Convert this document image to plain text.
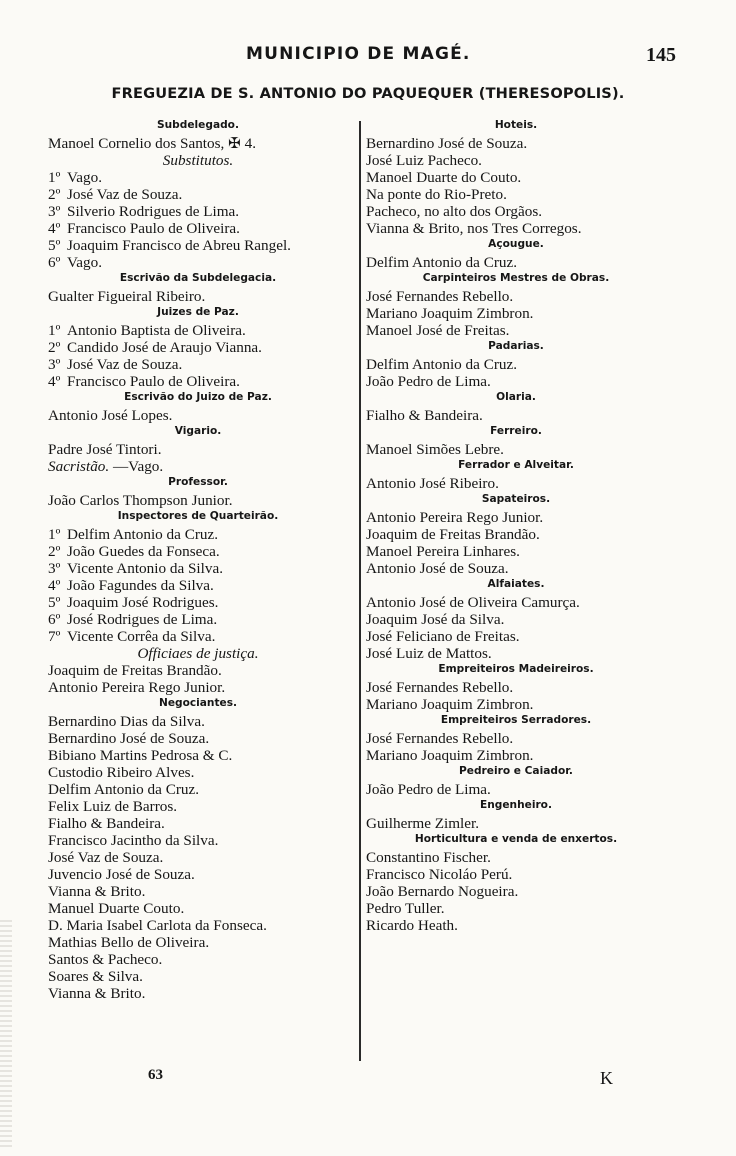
MUNICIPIO DE MAGÉ.	145
FREGUEZIA DE S. ANTONIO DO PAQUEQUER (THERESOPOLIS).
Subdelegado.
Manoel Cornelio dos Santos, ✠ 4.
Substitutos.
1º Vago.
2º José Vaz de Souza.
3º Silverio Rodrigues de Lima.
4º Francisco Paulo de Oliveira.
5º Joaquim Francisco de Abreu Rangel.
6º Vago.
Escrivão da Subdelegacia.
Gualter Figueiral Ribeiro.
Juizes de Paz.
1º Antonio Baptista de Oliveira.
2º Candido José de Araujo Vianna.
3º José Vaz de Souza.
4º Francisco Paulo de Oliveira.
Escrivão do Juizo de Paz.
Antonio José Lopes.
Vigario.
Padre José Tintori.
Sacristão. —Vago.
Professor.
João Carlos Thompson Junior.
Inspectores de Quarteirão.
1º Delfim Antonio da Cruz.
2º João Guedes da Fonseca.
3º Vicente Antonio da Silva.
4º João Fagundes da Silva.
5º Joaquim José Rodrigues.
6º José Rodrigues de Lima.
7º Vicente Corrêa da Silva.
Officiaes de justiça.
Joaquim de Freitas Brandão.
Antonio Pereira Rego Junior.
Negociantes.
Bernardino Dias da Silva.
Bernardino José de Souza.
Bibiano Martins Pedrosa & C.
Custodio Ribeiro Alves.
Delfim Antonio da Cruz.
Felix Luiz de Barros.
Fialho & Bandeira.
Francisco Jacintho da Silva.
José Vaz de Souza.
Juvencio José de Souza.
Vianna & Brito.
Manuel Duarte Couto.
D. Maria Isabel Carlota da Fonseca.
Mathias Bello de Oliveira.
Santos & Pacheco.
Soares & Silva.
Vianna & Brito.
Hoteis.
Bernardino José de Souza.
José Luiz Pacheco.
Manoel Duarte do Couto.
Na ponte do Rio-Preto.
Pacheco, no alto dos Orgãos.
Vianna & Brito, nos Tres Corregos.
Açougue.
Delfim Antonio da Cruz.
Carpinteiros Mestres de Obras.
José Fernandes Rebello.
Mariano Joaquim Zimbron.
Manoel José de Freitas.
Padarias.
Delfim Antonio da Cruz.
João Pedro de Lima.
Olaria.
Fialho & Bandeira.
Ferreiro.
Manoel Simões Lebre.
Ferrador e Alveitar.
Antonio José Ribeiro.
Sapateiros.
Antonio Pereira Rego Junior.
Joaquim de Freitas Brandão.
Manoel Pereira Linhares.
Antonio José de Souza.
Alfaiates.
Antonio José de Oliveira Camurça.
Joaquim José da Silva.
José Feliciano de Freitas.
José Luiz de Mattos.
Empreiteiros Madeireiros.
José Fernandes Rebello.
Mariano Joaquim Zimbron.
Empreiteiros Serradores.
José Fernandes Rebello.
Mariano Joaquim Zimbron.
Pedreiro e Caiador.
João Pedro de Lima.
Engenheiro.
Guilherme Zimler.
Horticultura e venda de enxertos.
Constantino Fischer.
Francisco Nicoláo Perú.
João Bernardo Nogueira.
Pedro Tuller.
Ricardo Heath.
63	K
